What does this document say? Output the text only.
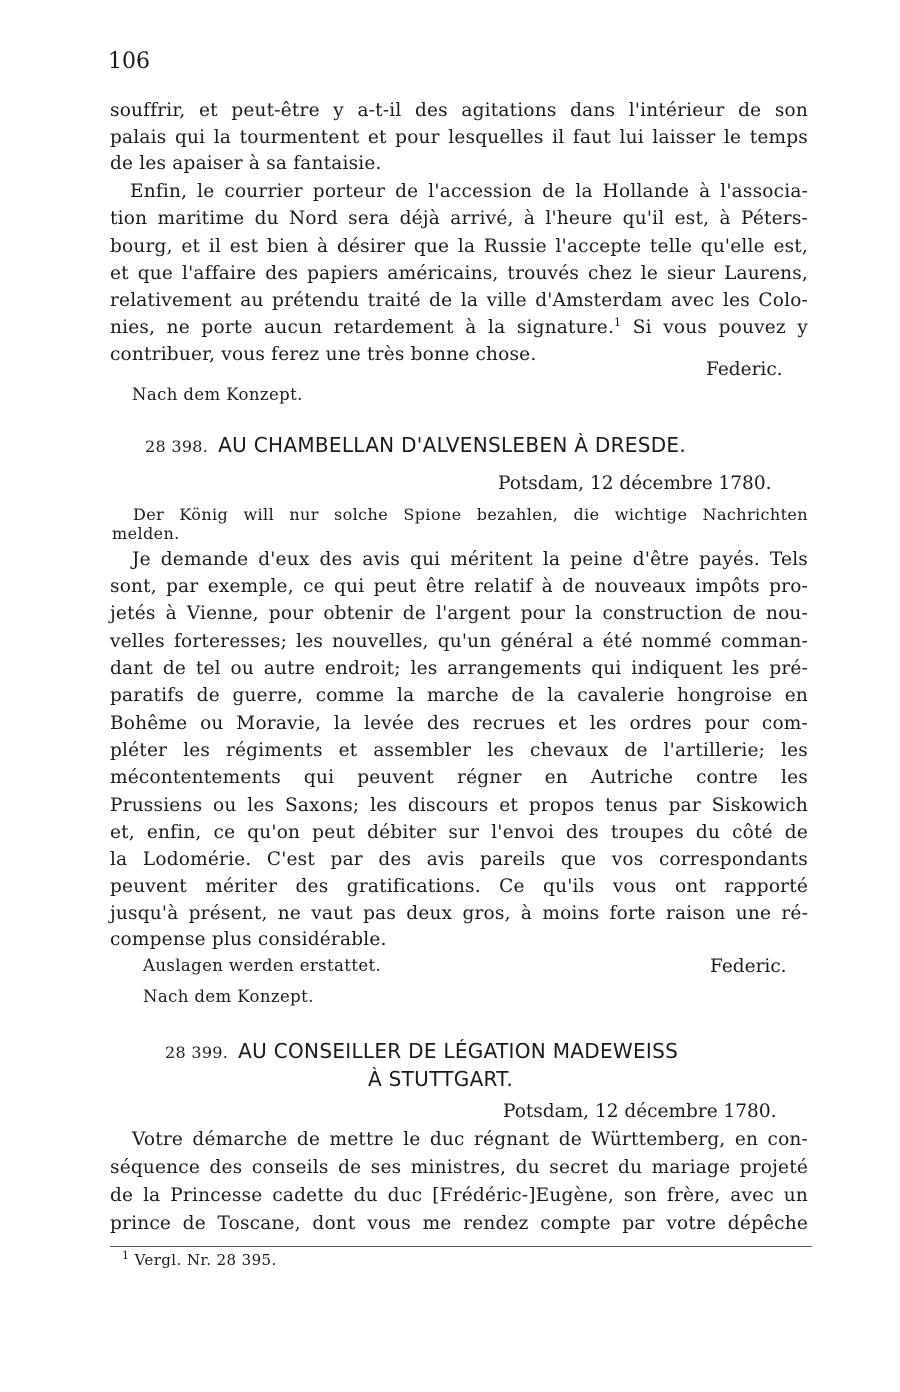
106
souffrir, et peut-être y a-t-il des agitations dans l'intérieur de son
palais qui la tourmentent et pour lesquelles il faut lui laisser le temps
de les apaiser à sa fantaisie.
Enfin, le courrier porteur de l'accession de la Hollande à l'associa-
tion maritime du Nord sera déjà arrivé, à l'heure qu'il est, à Péters-
bourg, et il est bien à désirer que la Russie l'accepte telle qu'elle est,
et que l'affaire des papiers américains, trouvés chez le sieur Laurens,
relativement au prétendu traité de la ville d'Amsterdam avec les Colo-
nies, ne porte aucun retardement à la signature.$^1$ Si vous pouvez y
contribuer, vous ferez une très bonne chose.
Federic.
Nach dem Konzept.
28 398. AU CHAMBELLAN D'ALVENSLEBEN À DRESDE.
Potsdam, 12 décembre 1780.
Der König will nur solche Spione bezahlen, die wichtige Nachrichten
melden.
Je demande d'eux des avis qui méritent la peine d'être payés. Tels
sont, par exemple, ce qui peut être relatif à de nouveaux impôts pro-
jetés à Vienne, pour obtenir de l'argent pour la construction de nou-
velles forteresses; les nouvelles, qu'un général a été nommé comman-
dant de tel ou autre endroit; les arrangements qui indiquent les pré-
paratifs de guerre, comme la marche de la cavalerie hongroise en
Bohême ou Moravie, la levée des recrues et les ordres pour com-
pléter les régiments et assembler les chevaux de l'artillerie; les
mécontentements qui peuvent régner en Autriche contre les
Prussiens ou les Saxons; les discours et propos tenus par Siskowich
et, enfin, ce qu'on peut débiter sur l'envoi des troupes du côté de
la Lodomérie. C'est par des avis pareils que vos correspondants
peuvent mériter des gratifications. Ce qu'ils vous ont rapporté
jusqu'à présent, ne vaut pas deux gros, à moins forte raison une ré-
compense plus considérable.
Auslagen werden erstattet.	Federic.
Nach dem Konzept.
28 399. AU CONSEILLER DE LÉGATION MADEWEISS
À STUTTGART.
Potsdam, 12 décembre 1780.
Votre démarche de mettre le duc régnant de Württemberg, en con-
séquence des conseils de ses ministres, du secret du mariage projeté
de la Princesse cadette du duc [Frédéric-]Eugène, son frère, avec un
prince de Toscane, dont vous me rendez compte par votre dépêche
$^1$ Vergl. Nr. 28 395.
